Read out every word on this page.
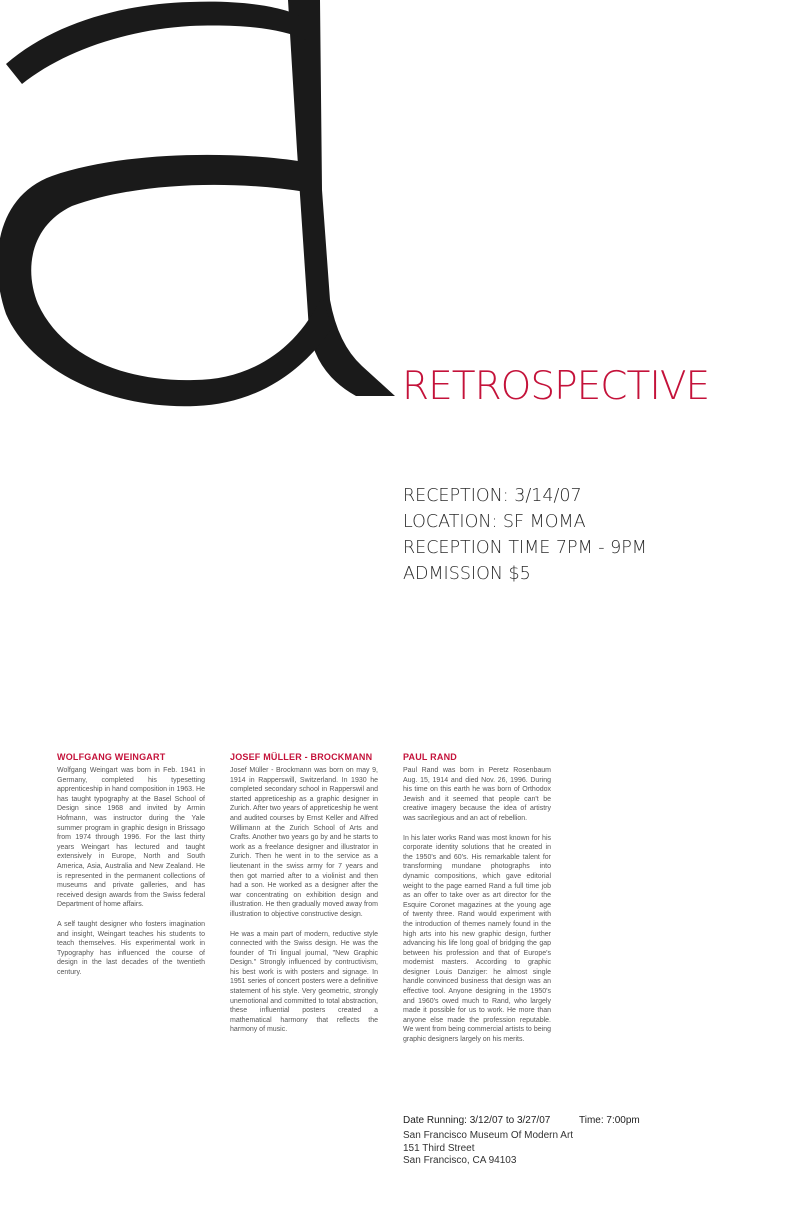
RETROSPECTIVE
RECEPTION: 3/14/07
LOCATION: SF MOMA
RECEPTION TIME 7PM - 9PM
ADMISSION $5
WOLFGANG WEINGART

Wolfgang Weingart was born in Feb. 1941 in Germany, completed his typesetting apprenticeship in hand composition in 1963. He has taught typography at the Basel School of Design since 1968 and invited by Armin Hofmann, was instructor during the Yale summer program in graphic design in Brissago from 1974 through 1996. For the last thirty years Weingart has lectured and taught extensively in Europe, North and South America, Asia, Australia and New Zealand. He is represented in the permanent collections of museums and private galleries, and has received design awards from the Swiss federal Department of home affairs.

A self taught designer who fosters imagination and insight, Weingart teaches his students to teach themselves. His experimental work in Typography has influenced the course of design in the last decades of the twentieth century.

JOSEF MÜLLER - BROCKMANN

Josef Müller - Brockmann was born on may 9, 1914 in Rapperswill, Switzerland. In 1930 he completed secondary school in Rapperswil and started appreticeship as a graphic designer in Zurich. After two years of appreticeship he went and audited courses by Ernst Keller and Alfred Willimann at the Zurich School of Arts and Crafts. Another two years go by and he starts to work as a freelance designer and illustrator in Zurich. Then he went in to the service as a lieutenant in the swiss army for 7 years and then got married after to a violinist and then had a son. He worked as a designer after the war concentrating on exhibition design and illustration. He then gradually moved away from illustration to objective constructive design.

He was a main part of modern, reductive style connected with the Swiss design. He was the founder of Tri lingual journal, "New Graphic Design." Strongly influenced by contructivism, his best work is with posters and signage. In 1951 series of concert posters were a definitive statement of his style. Very geometric, strongly unemotional and committed to total abstraction, these influential posters created a mathematical harmony that reflects the harmony of music.

PAUL RAND

Paul Rand was born in Peretz Rosenbaum Aug. 15, 1914 and died Nov. 26, 1996. During his time on this earth he was born of Orthodox Jewish and it seemed that people can't be creative imagery because the idea of artistry was sacrilegious and an act of rebellion.

In his later works Rand was most known for his corporate identity solutions that he created in the 1950's and 60's. His remarkable talent for transforming mundane photographs into dynamic compositions, which gave editorial weight to the page earned Rand a full time job as an offer to take over as art director for the Esquire Coronet magazines at the young age of twenty three. Rand would experiment with the introduction of themes namely found in the high arts into his new graphic design, further advancing his life long goal of bridging the gap between his profession and that of Europe's modernist masters. According to graphic designer Louis Danziger: he almost single handle convinced business that design was an effective tool. Anyone designing in the 1950's and 1960's owed much to Rand, who largely made it possible for us to work. He more than anyone else made the profession reputable. We went from being commercial artists to being graphic designers largely on his merits.

Date Running: 3/12/07 to 3/27/07	Time: 7:00pm
San Francisco Museum Of Modern Art
151 Third Street
San Francisco, CA 94103
